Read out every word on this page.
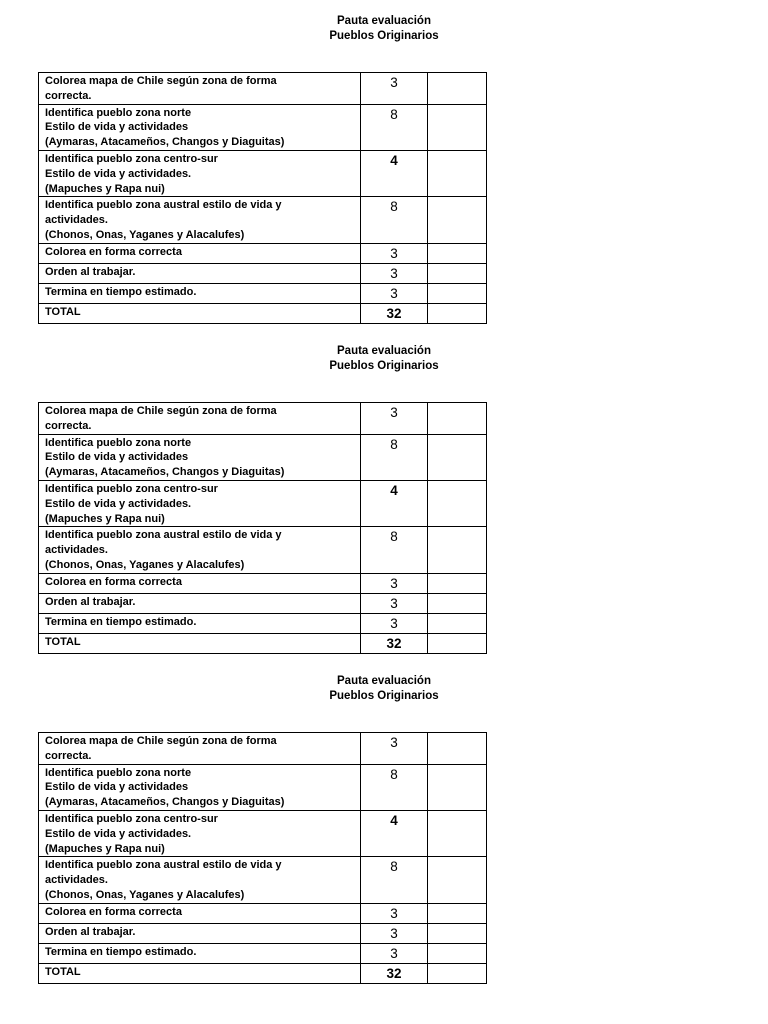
Pauta evaluación
Pueblos Originarios
Colorea mapa de Chile según zona de forma
correcta.	3	

Identifica pueblo zona norte
Estilo de vida y actividades
(Aymaras, Atacameños, Changos y Diaguitas)	8	

Identifica pueblo zona centro-sur
Estilo de vida y actividades.
(Mapuches y Rapa nui)	4	

Identifica pueblo zona austral estilo de vida y
actividades.
(Chonos, Onas, Yaganes y Alacalufes)	8	

Colorea en forma correcta	3	

Orden al trabajar.	3	

Termina en tiempo estimado.	3	

TOTAL	32	
Pauta evaluación
Pueblos Originarios
Colorea mapa de Chile según zona de forma
correcta.	3	

Identifica pueblo zona norte
Estilo de vida y actividades
(Aymaras, Atacameños, Changos y Diaguitas)	8	

Identifica pueblo zona centro-sur
Estilo de vida y actividades.
(Mapuches y Rapa nui)	4	

Identifica pueblo zona austral estilo de vida y
actividades.
(Chonos, Onas, Yaganes y Alacalufes)	8	

Colorea en forma correcta	3	

Orden al trabajar.	3	

Termina en tiempo estimado.	3	

TOTAL	32	
Pauta evaluación
Pueblos Originarios
Colorea mapa de Chile según zona de forma
correcta.	3	

Identifica pueblo zona norte
Estilo de vida y actividades
(Aymaras, Atacameños, Changos y Diaguitas)	8	

Identifica pueblo zona centro-sur
Estilo de vida y actividades.
(Mapuches y Rapa nui)	4	

Identifica pueblo zona austral estilo de vida y
actividades.
(Chonos, Onas, Yaganes y Alacalufes)	8	

Colorea en forma correcta	3	

Orden al trabajar.	3	

Termina en tiempo estimado.	3	

TOTAL	32	
